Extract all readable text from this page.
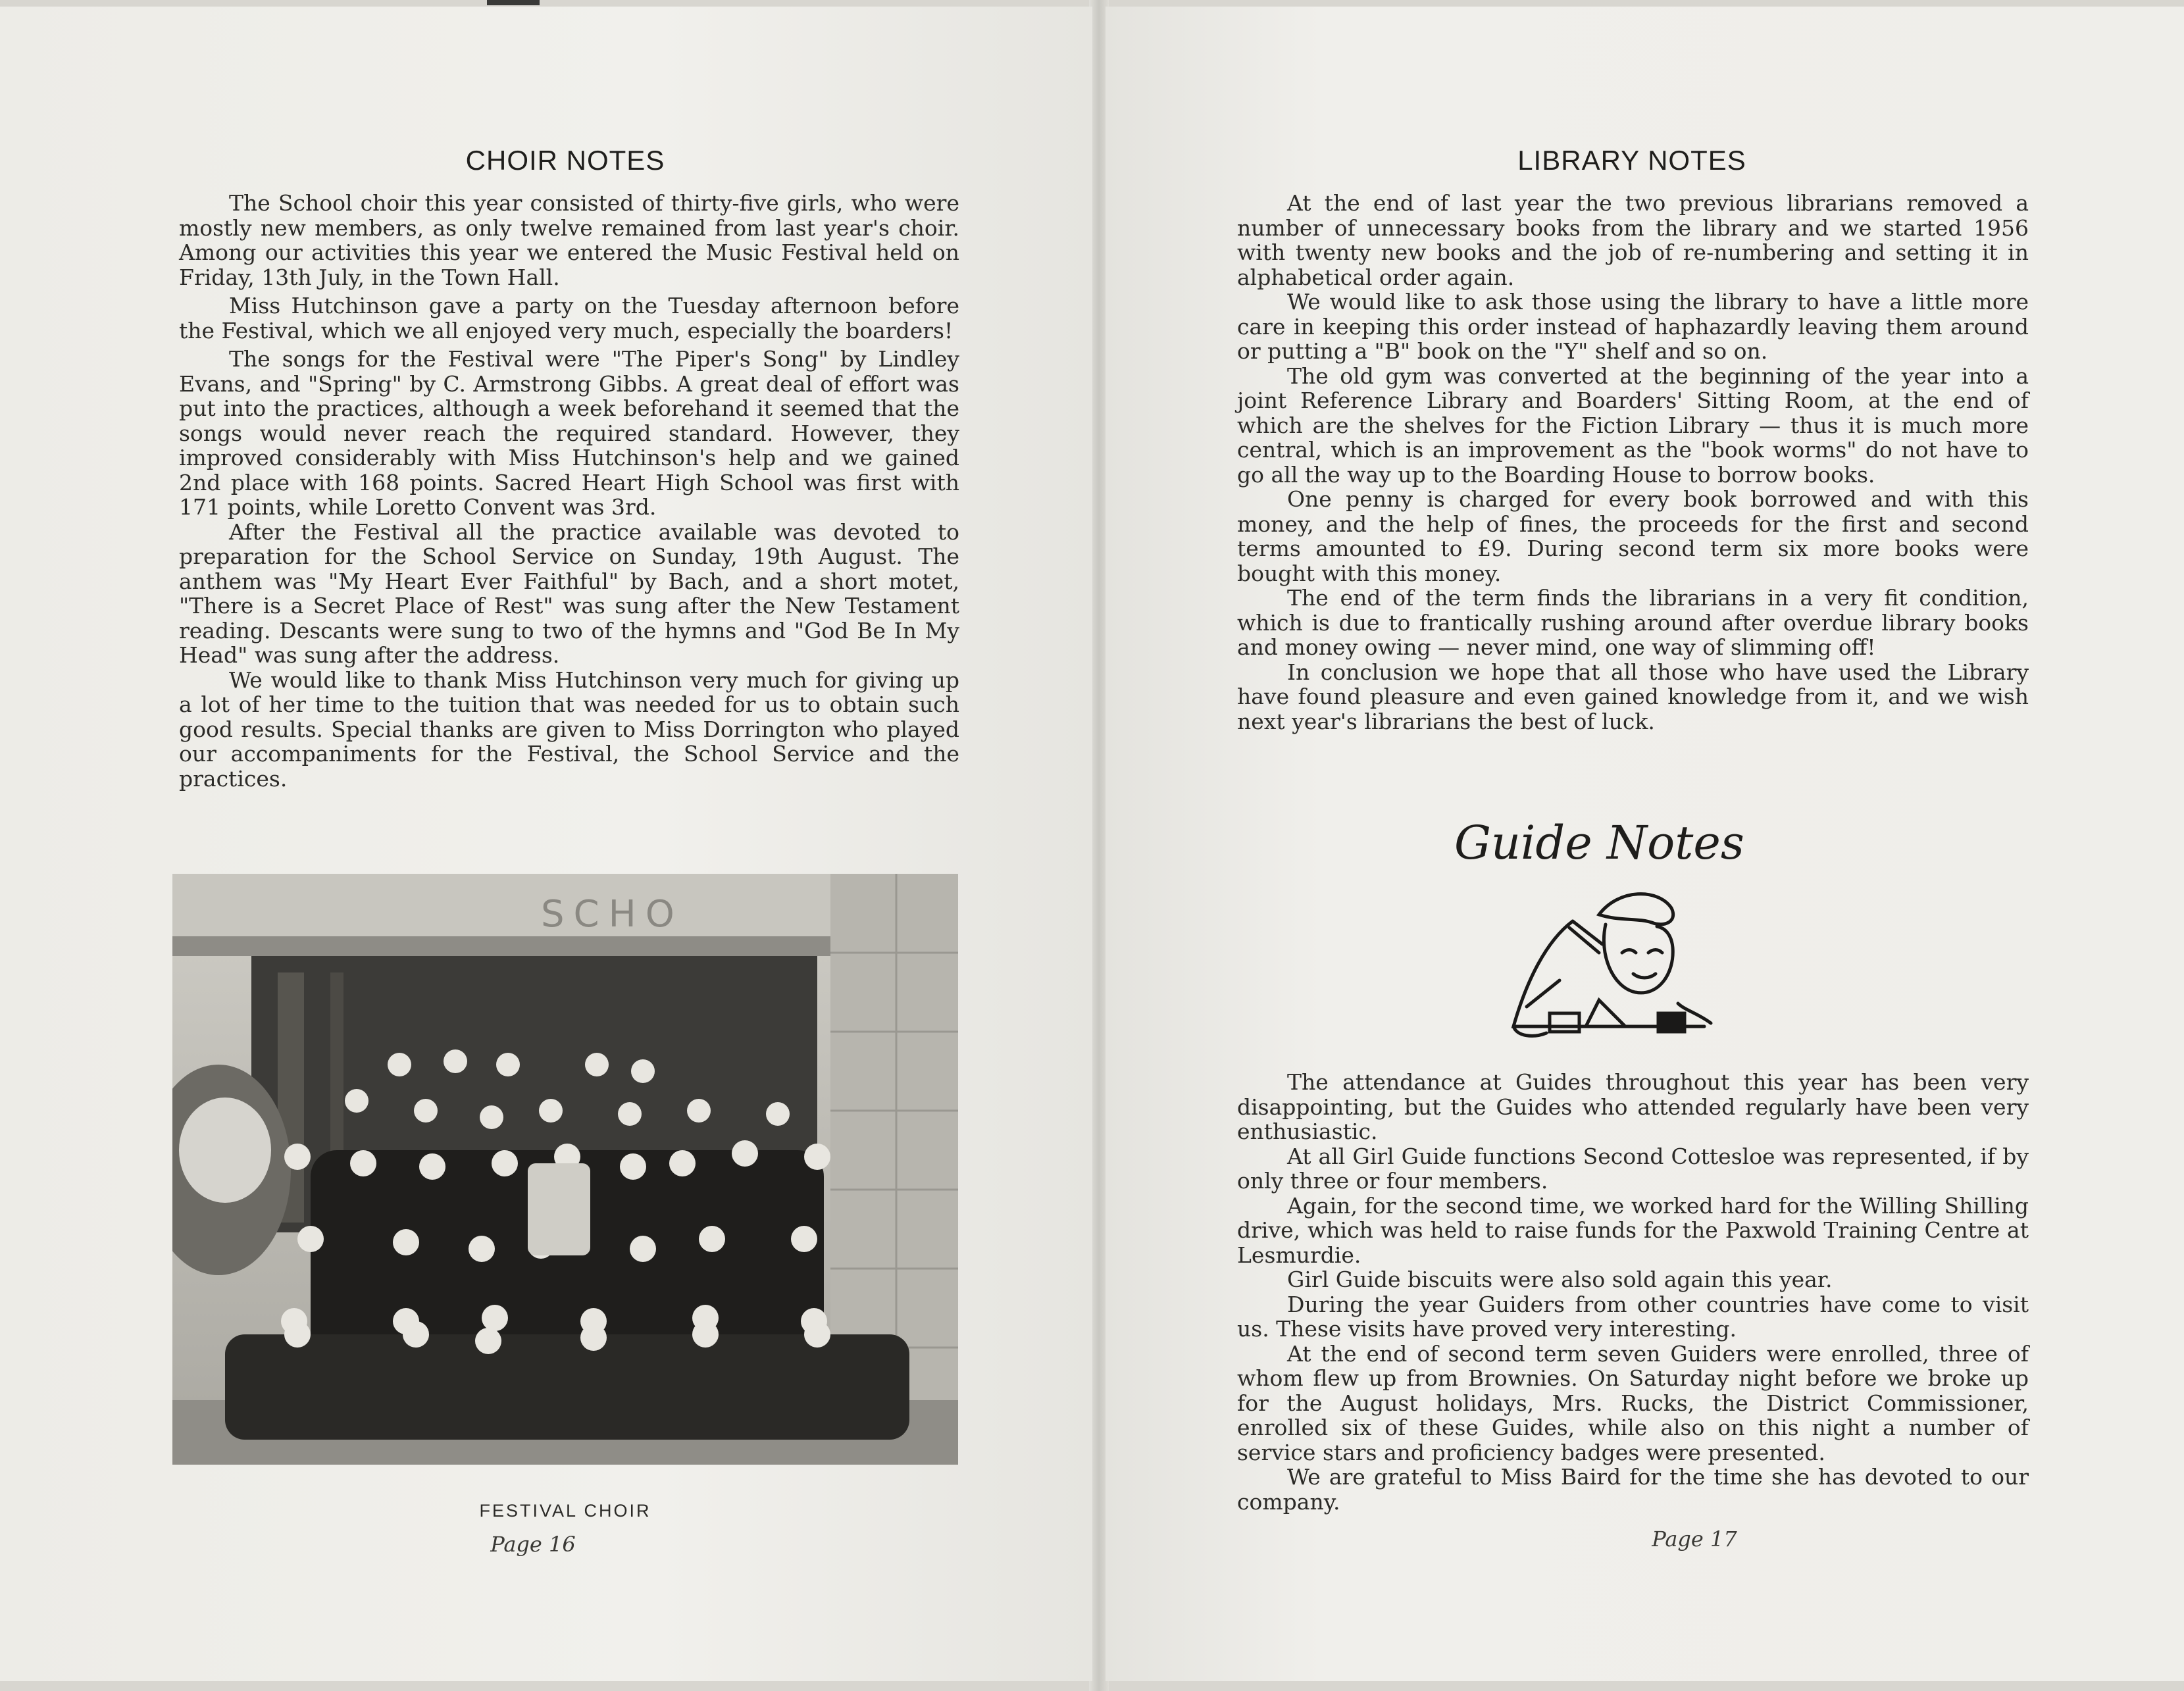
CHOIR NOTES

The School choir this year consisted of thirty-five girls, who were mostly new members, as only twelve remained from last year's choir. Among our activities this year we entered the Music Festival held on Friday, 13th July, in the Town Hall.

Miss Hutchinson gave a party on the Tuesday afternoon before the Festival, which we all enjoyed very much, especially the boarders!

The songs for the Festival were "The Piper's Song" by Lindley Evans, and "Spring" by C. Armstrong Gibbs. A great deal of effort was put into the practices, although a week beforehand it seemed that the songs would never reach the required standard. However, they improved considerably with Miss Hutchinson's help and we gained 2nd place with 168 points. Sacred Heart High School was first with 171 points, while Loretto Convent was 3rd.

After the Festival all the practice available was devoted to preparation for the School Service on Sunday, 19th August. The anthem was "My Heart Ever Faithful" by Bach, and a short motet, "There is a Secret Place of Rest" was sung after the New Testament reading. Descants were sung to two of the hymns and "God Be In My Head" was sung after the address.

We would like to thank Miss Hutchinson very much for giving up a lot of her time to the tuition that was needed for us to obtain such good results. Special thanks are given to Miss Dorrington who played our accompaniments for the Festival, the School Service and the practices.

SCHO
FESTIVAL CHOIR
Page 16
LIBRARY NOTES

At the end of last year the two previous librarians removed a number of unnecessary books from the library and we started 1956 with twenty new books and the job of re-numbering and setting it in alphabetical order again.

We would like to ask those using the library to have a little more care in keeping this order instead of haphazardly leaving them around or putting a "B" book on the "Y" shelf and so on.

The old gym was converted at the beginning of the year into a joint Reference Library and Boarders' Sitting Room, at the end of which are the shelves for the Fiction Library — thus it is much more central, which is an improvement as the "book worms" do not have to go all the way up to the Boarding House to borrow books.

One penny is charged for every book borrowed and with this money, and the help of fines, the proceeds for the first and second terms amounted to £9. During second term six more books were bought with this money.

The end of the term finds the librarians in a very fit condition, which is due to frantically rushing around after overdue library books and money owing — never mind, one way of slimming off!

In conclusion we hope that all those who have used the Library have found pleasure and even gained knowledge from it, and we wish next year's librarians the best of luck.

Guide Notes

The attendance at Guides throughout this year has been very disappointing, but the Guides who attended regularly have been very enthusiastic.

At all Girl Guide functions Second Cottesloe was represented, if by only three or four members.

Again, for the second time, we worked hard for the Willing Shilling drive, which was held to raise funds for the Paxwold Training Centre at Lesmurdie.

Girl Guide biscuits were also sold again this year.

During the year Guiders from other countries have come to visit us. These visits have proved very interesting.

At the end of second term seven Guiders were enrolled, three of whom flew up from Brownies. On Saturday night before we broke up for the August holidays, Mrs. Rucks, the District Commissioner, enrolled six of these Guides, while also on this night a number of service stars and proficiency badges were presented.

We are grateful to Miss Baird for the time she has devoted to our company.

Page 17
